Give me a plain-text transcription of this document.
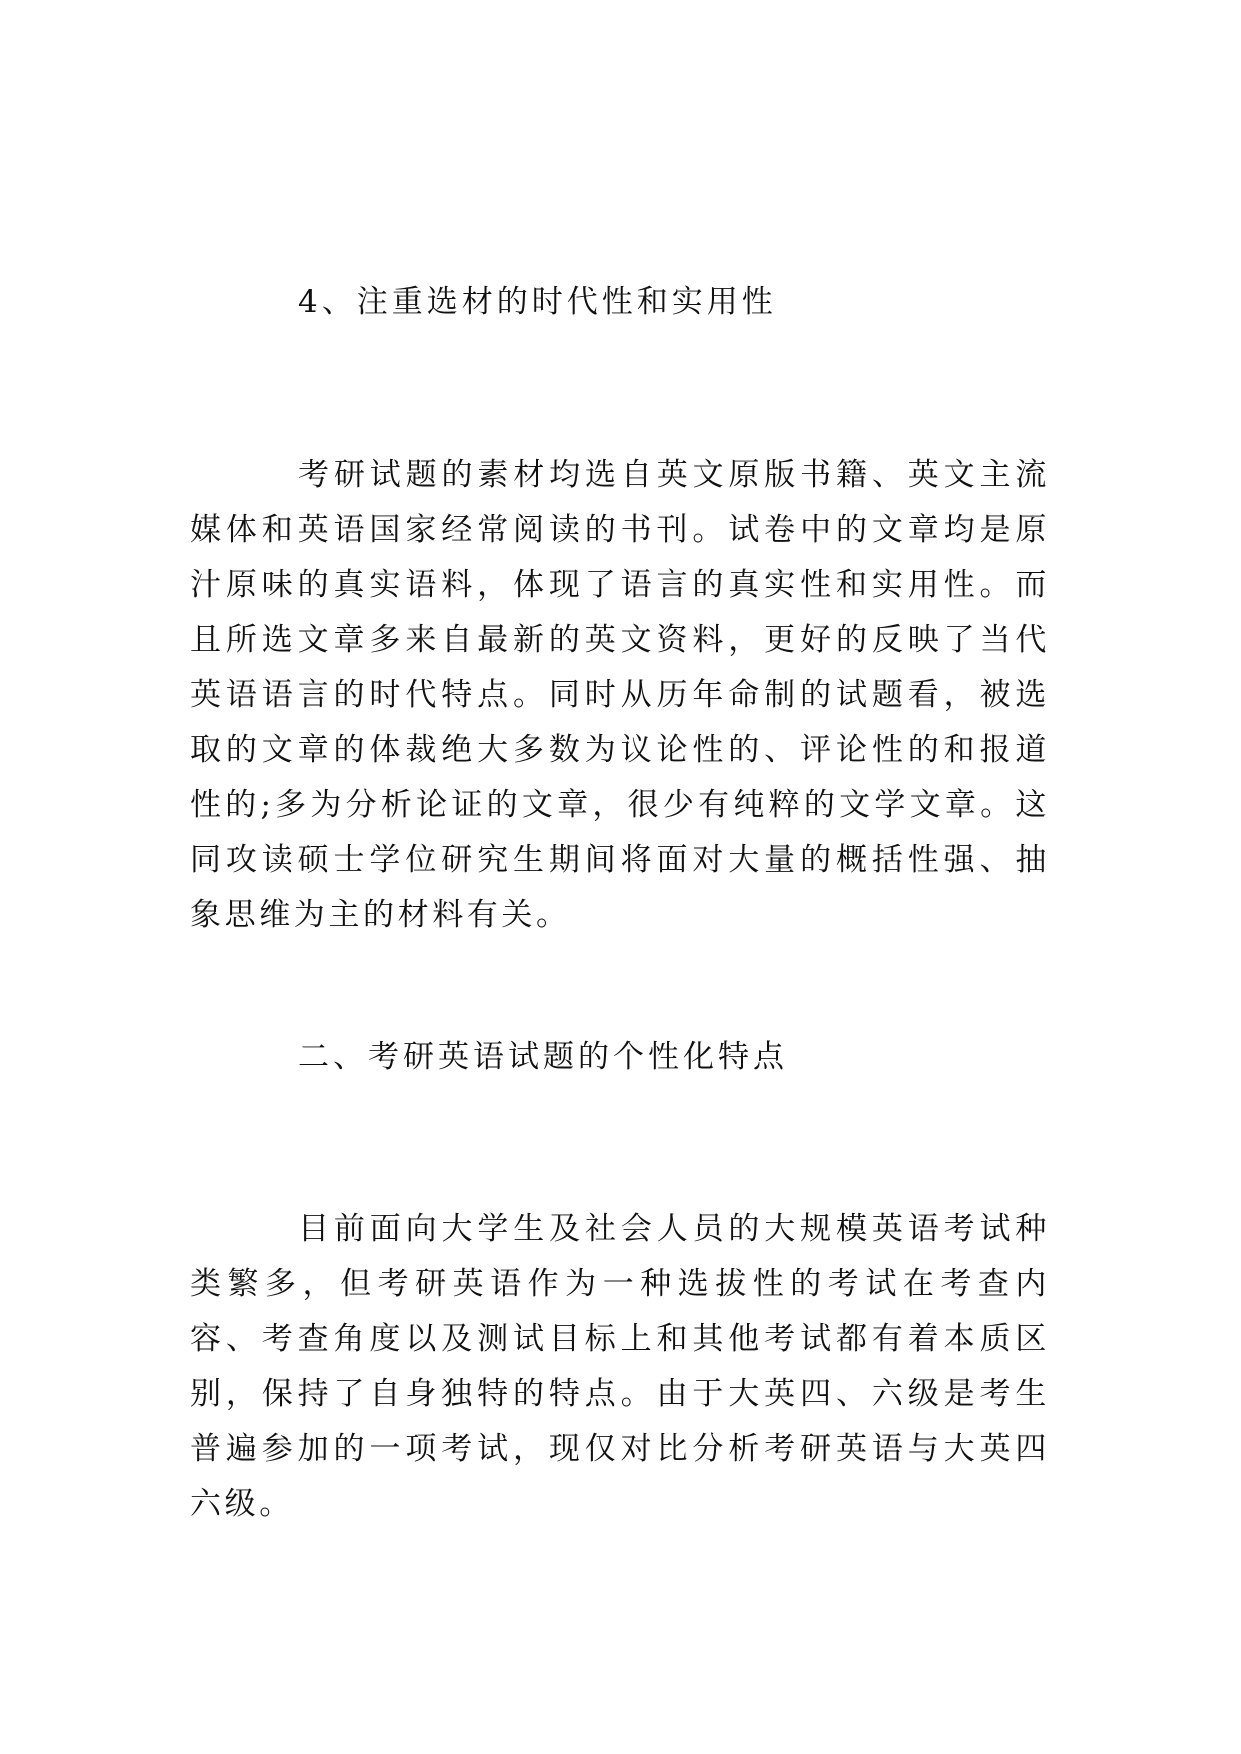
4、注重选材的时代性和实用性
考研试题的素材均选自英文原版书籍、英文主流媒体和英语国家经常阅读的书刊。试卷中的文章均是原汁原味的真实语料，体现了语言的真实性和实用性。而且所选文章多来自最新的英文资料，更好的反映了当代英语语言的时代特点。同时从历年命制的试题看，被选取的文章的体裁绝大多数为议论性的、评论性的和报道性的;多为分析论证的文章，很少有纯粹的文学文章。这同攻读硕士学位研究生期间将面对大量的概括性强、抽象思维为主的材料有关。
二、考研英语试题的个性化特点
目前面向大学生及社会人员的大规模英语考试种类繁多，但考研英语作为一种选拔性的考试在考查内容、考查角度以及测试目标上和其他考试都有着本质区别，保持了自身独特的特点。由于大英四、六级是考生普遍参加的一项考试，现仅对比分析考研英语与大英四六级。
